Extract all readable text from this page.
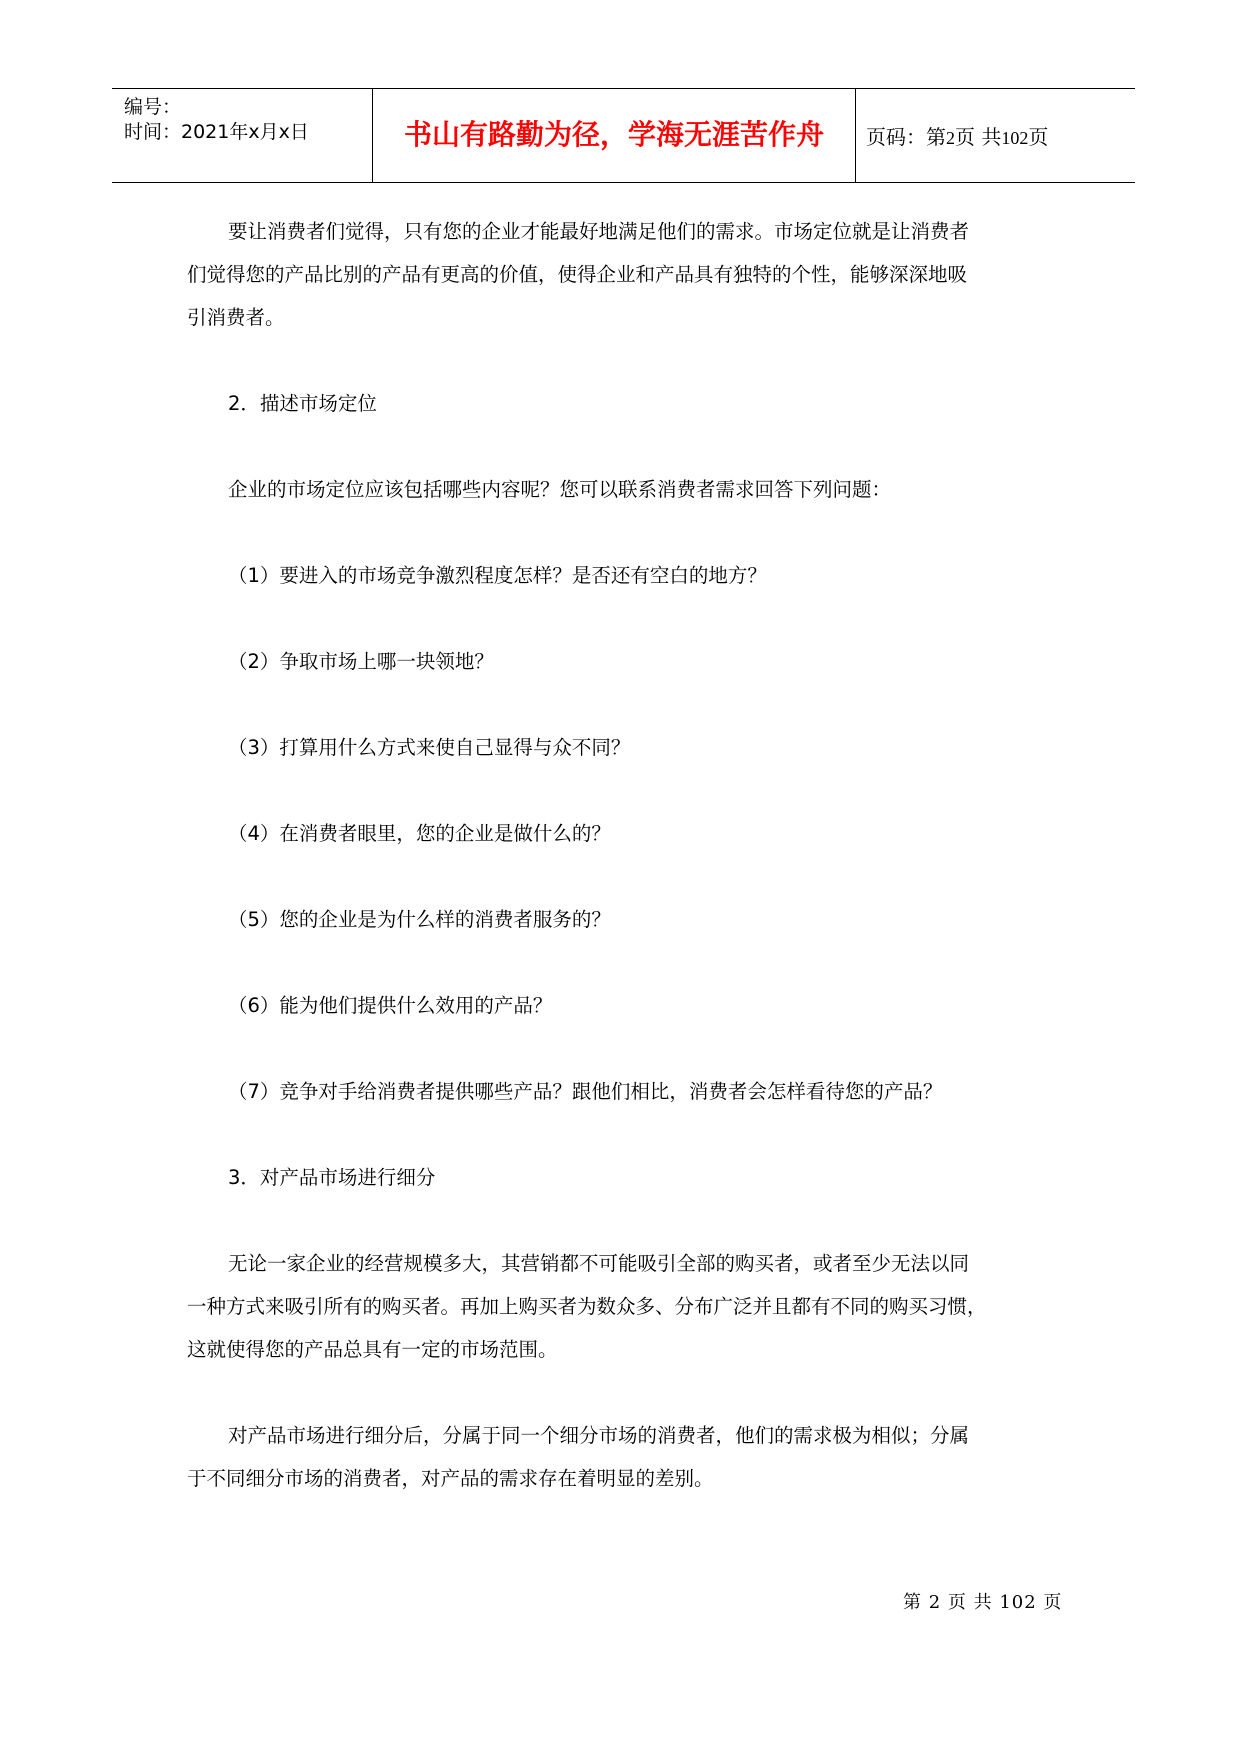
编号：
时间：2021年x月x日	书山有路勤为径，学海无涯苦作舟	页码：第2页 共102页

要让消费者们觉得，只有您的企业才能最好地满足他们的需求。市场定位就是让消费者

们觉得您的产品比别的产品有更高的价值，使得企业和产品具有独特的个性，能够深深地吸

引消费者。

2．描述市场定位

企业的市场定位应该包括哪些内容呢？您可以联系消费者需求回答下列问题：

（1）要进入的市场竞争激烈程度怎样？是否还有空白的地方？

（2）争取市场上哪一块领地？

（3）打算用什么方式来使自己显得与众不同？

（4）在消费者眼里，您的企业是做什么的？

（5）您的企业是为什么样的消费者服务的？

（6）能为他们提供什么效用的产品？

（7）竞争对手给消费者提供哪些产品？跟他们相比，消费者会怎样看待您的产品？

3．对产品市场进行细分

无论一家企业的经营规模多大，其营销都不可能吸引全部的购买者，或者至少无法以同

一种方式来吸引所有的购买者。再加上购买者为数众多、分布广泛并且都有不同的购买习惯，

这就使得您的产品总具有一定的市场范围。

对产品市场进行细分后，分属于同一个细分市场的消费者，他们的需求极为相似；分属

于不同细分市场的消费者，对产品的需求存在着明显的差别。

第 2 页 共 102 页
